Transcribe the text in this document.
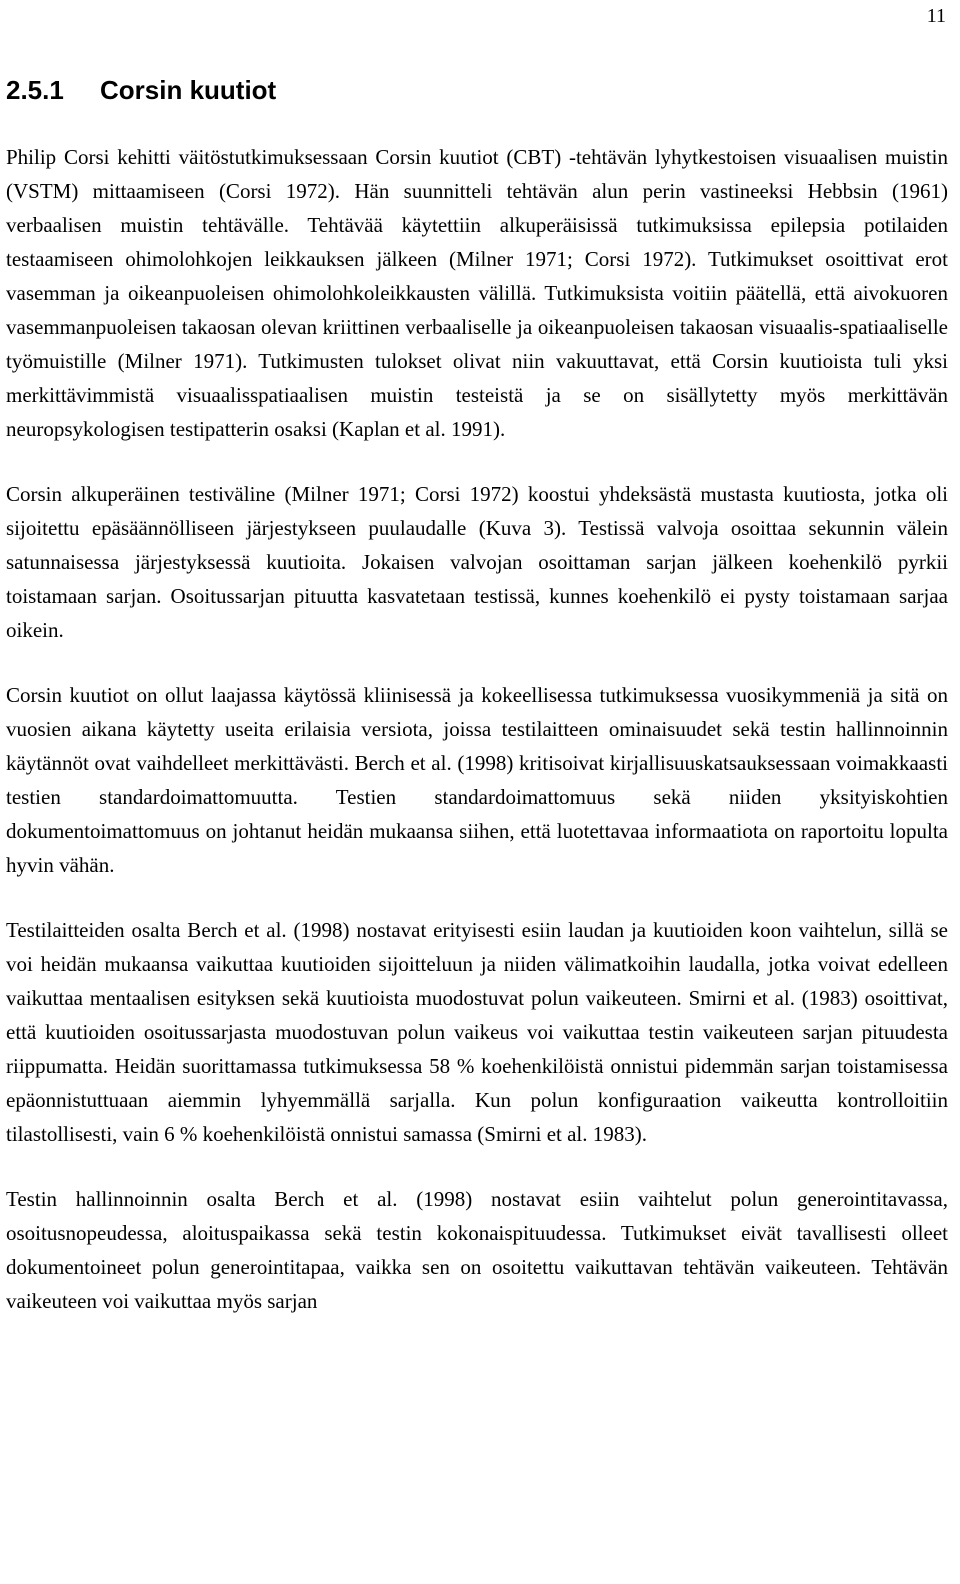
11
2.5.1 Corsin kuutiot

Philip Corsi kehitti väitöstutkimuksessaan Corsin kuutiot (CBT) -tehtävän lyhytkestoisen visuaalisen muistin (VSTM) mittaamiseen (Corsi 1972). Hän suunnitteli tehtävän alun perin vastineeksi Hebbsin (1961) verbaalisen muistin tehtävälle. Tehtävää käytettiin alkuperäisissä tutkimuksissa epilepsia potilaiden testaamiseen ohimolohkojen leikkauksen jälkeen (Milner 1971; Corsi 1972). Tutkimukset osoittivat erot vasemman ja oikeanpuoleisen ohimolohkoleikkausten välillä. Tutkimuksista voitiin päätellä, että aivokuoren vasemmanpuoleisen takaosan olevan kriittinen verbaaliselle ja oikeanpuoleisen takaosan visuaalis-spatiaaliselle työmuistille (Milner 1971). Tutkimusten tulokset olivat niin vakuuttavat, että Corsin kuutioista tuli yksi merkittävimmistä visuaalisspatiaalisen muistin testeistä ja se on sisällytetty myös merkittävän neuropsykologisen testipatterin osaksi (Kaplan et al. 1991).

Corsin alkuperäinen testiväline (Milner 1971; Corsi 1972) koostui yhdeksästä mustasta kuutiosta, jotka oli sijoitettu epäsäännölliseen järjestykseen puulaudalle (Kuva 3). Testissä valvoja osoittaa sekunnin välein satunnaisessa järjestyksessä kuutioita. Jokaisen valvojan osoittaman sarjan jälkeen koehenkilö pyrkii toistamaan sarjan. Osoitussarjan pituutta kasvatetaan testissä, kunnes koehenkilö ei pysty toistamaan sarjaa oikein.

Corsin kuutiot on ollut laajassa käytössä kliinisessä ja kokeellisessa tutkimuksessa vuosikymmeniä ja sitä on vuosien aikana käytetty useita erilaisia versiota, joissa testilaitteen ominaisuudet sekä testin hallinnoinnin käytännöt ovat vaihdelleet merkittävästi. Berch et al. (1998) kritisoivat kirjallisuuskatsauksessaan voimakkaasti testien standardoimattomuutta. Testien standardoimattomuus sekä niiden yksityiskohtien dokumentoimattomuus on johtanut heidän mukaansa siihen, että luotettavaa informaatiota on raportoitu lopulta hyvin vähän.

Testilaitteiden osalta Berch et al. (1998) nostavat erityisesti esiin laudan ja kuutioiden koon vaihtelun, sillä se voi heidän mukaansa vaikuttaa kuutioiden sijoitteluun ja niiden välimatkoihin laudalla, jotka voivat edelleen vaikuttaa mentaalisen esityksen sekä kuutioista muodostuvat polun vaikeuteen. Smirni et al. (1983) osoittivat, että kuutioiden osoitussarjasta muodostuvan polun vaikeus voi vaikuttaa testin vaikeuteen sarjan pituudesta riippumatta. Heidän suorittamassa tutkimuksessa 58 % koehenkilöistä onnistui pidemmän sarjan toistamisessa epäonnistuttuaan aiemmin lyhyemmällä sarjalla. Kun polun konfiguraation vaikeutta kontrolloitiin tilastollisesti, vain 6 % koehenkilöistä onnistui samassa (Smirni et al. 1983).

Testin hallinnoinnin osalta Berch et al. (1998) nostavat esiin vaihtelut polun generointitavassa, osoitusnopeudessa, aloituspaikassa sekä testin kokonaispituudessa. Tutkimukset eivät tavallisesti olleet dokumentoineet polun generointitapaa, vaikka sen on osoitettu vaikuttavan tehtävän vaikeuteen. Tehtävän vaikeuteen voi vaikuttaa myös sarjan
